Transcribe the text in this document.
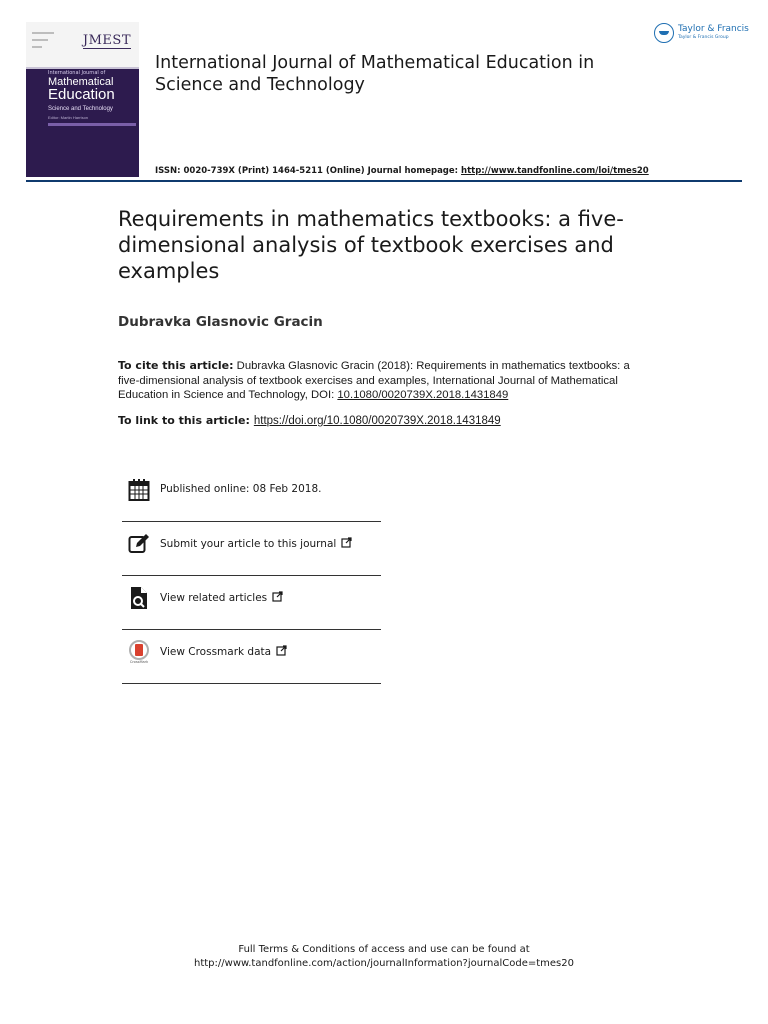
JMEST
International Journal of
Mathematical
Education
Science and Technology
Editor: Martin Harrison
International Journal of Mathematical Education in Science and Technology
ISSN: 0020-739X (Print) 1464-5211 (Online) Journal homepage: http://www.tandfonline.com/loi/tmes20
Taylor & Francis
Taylor & Francis Group
Requirements in mathematics textbooks: a five-dimensional analysis of textbook exercises and examples
Dubravka Glasnovic Gracin
To cite this article: Dubravka Glasnovic Gracin (2018): Requirements in mathematics textbooks: a five-dimensional analysis of textbook exercises and examples, International Journal of Mathematical Education in Science and Technology, DOI: 10.1080/0020739X.2018.1431849
To link to this article: https://doi.org/10.1080/0020739X.2018.1431849
Published online: 08 Feb 2018.
Submit your article to this journal
View related articles
CrossMark
View Crossmark data
Full Terms & Conditions of access and use can be found at
http://www.tandfonline.com/action/journalInformation?journalCode=tmes20
